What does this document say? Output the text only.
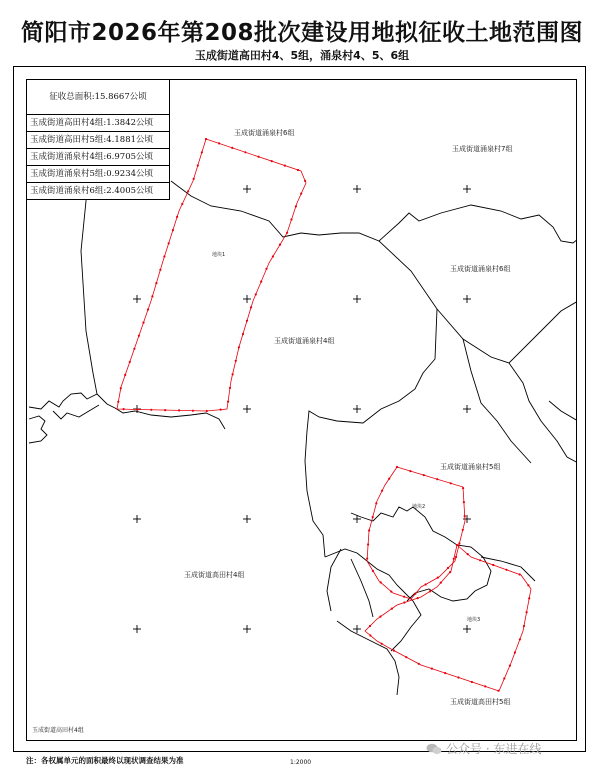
简阳市2026年第208批次建设用地拟征收土地范围图
玉成街道高田村4、5组，涌泉村4、5、6组
征收总面积:15.8667公顷
玉成街道高田村4组:1.3842公顷
玉成街道高田村5组:4.1881公顷
玉成街道涌泉村4组:6.9705公顷
玉成街道涌泉村5组:0.9234公顷
玉成街道涌泉村6组:2.4005公顷
玉成街道涌泉村6组
玉成街道涌泉村7组
玉成街道涌泉村6组
玉成街道涌泉村4组
玉成街道涌泉村5组
玉成街道高田村4组
玉成街道高田村5组
玉成街道高田村4组
地块1
地块2
地块3
注：各权属单元的面积最终以现状调查结果为准	1:2000
公众号 · 东进在线
